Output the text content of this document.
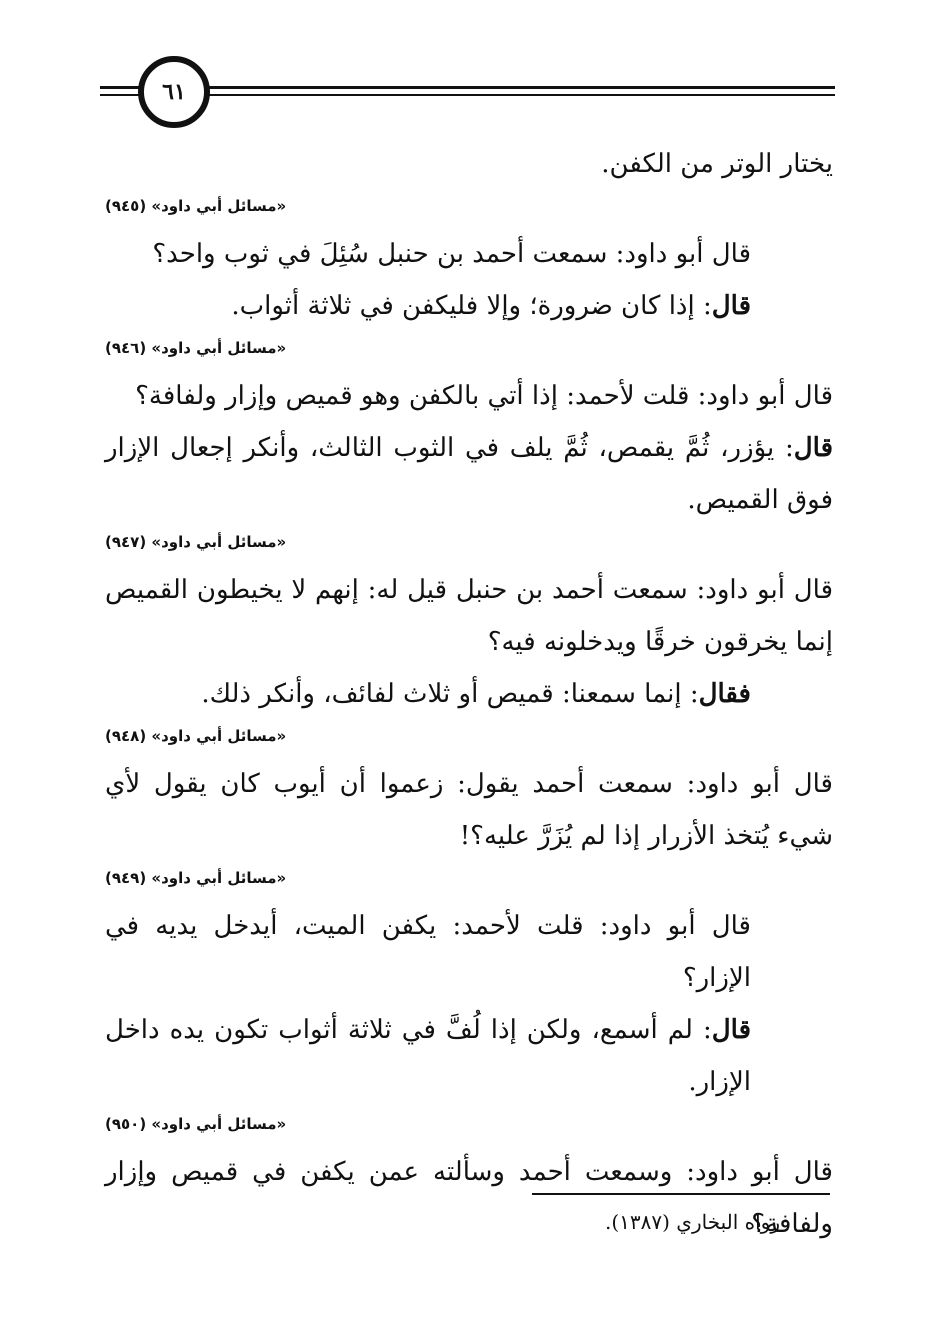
٦١

يختار الوتر من الكفن.

«مسائل أبي داود» (٩٤٥)

قال أبو داود: سمعت أحمد بن حنبل سُئِلَ في ثوب واحد؟

قال: إذا كان ضرورة؛ وإلا فليكفن في ثلاثة أثواب.

«مسائل أبي داود» (٩٤٦)

قال أبو داود: قلت لأحمد: إذا أتي بالكفن وهو قميص وإزار ولفافة؟

قال: يؤزر، ثُمَّ يقمص، ثُمَّ يلف في الثوب الثالث، وأنكر إجعال الإزار فوق القميص.

«مسائل أبي داود» (٩٤٧)

قال أبو داود: سمعت أحمد بن حنبل قيل له: إنهم لا يخيطون القميص إنما يخرقون خرقًا ويدخلونه فيه؟

فقال: إنما سمعنا: قميص أو ثلاث لفائف، وأنكر ذلك.

«مسائل أبي داود» (٩٤٨)

قال أبو داود: سمعت أحمد يقول: زعموا أن أيوب كان يقول لأي شيء يُتخذ الأزرار إذا لم يُزَرَّ عليه؟!

«مسائل أبي داود» (٩٤٩)

قال أبو داود: قلت لأحمد: يكفن الميت، أيدخل يديه في الإزار؟

قال: لم أسمع، ولكن إذا لُفَّ في ثلاثة أثواب تكون يده داخل الإزار.

«مسائل أبي داود» (٩٥٠)

قال أبو داود: وسمعت أحمد وسألته عمن يكفن في قميص وإزار ولفافة؟

رواه البخاري (١٣٨٧).
